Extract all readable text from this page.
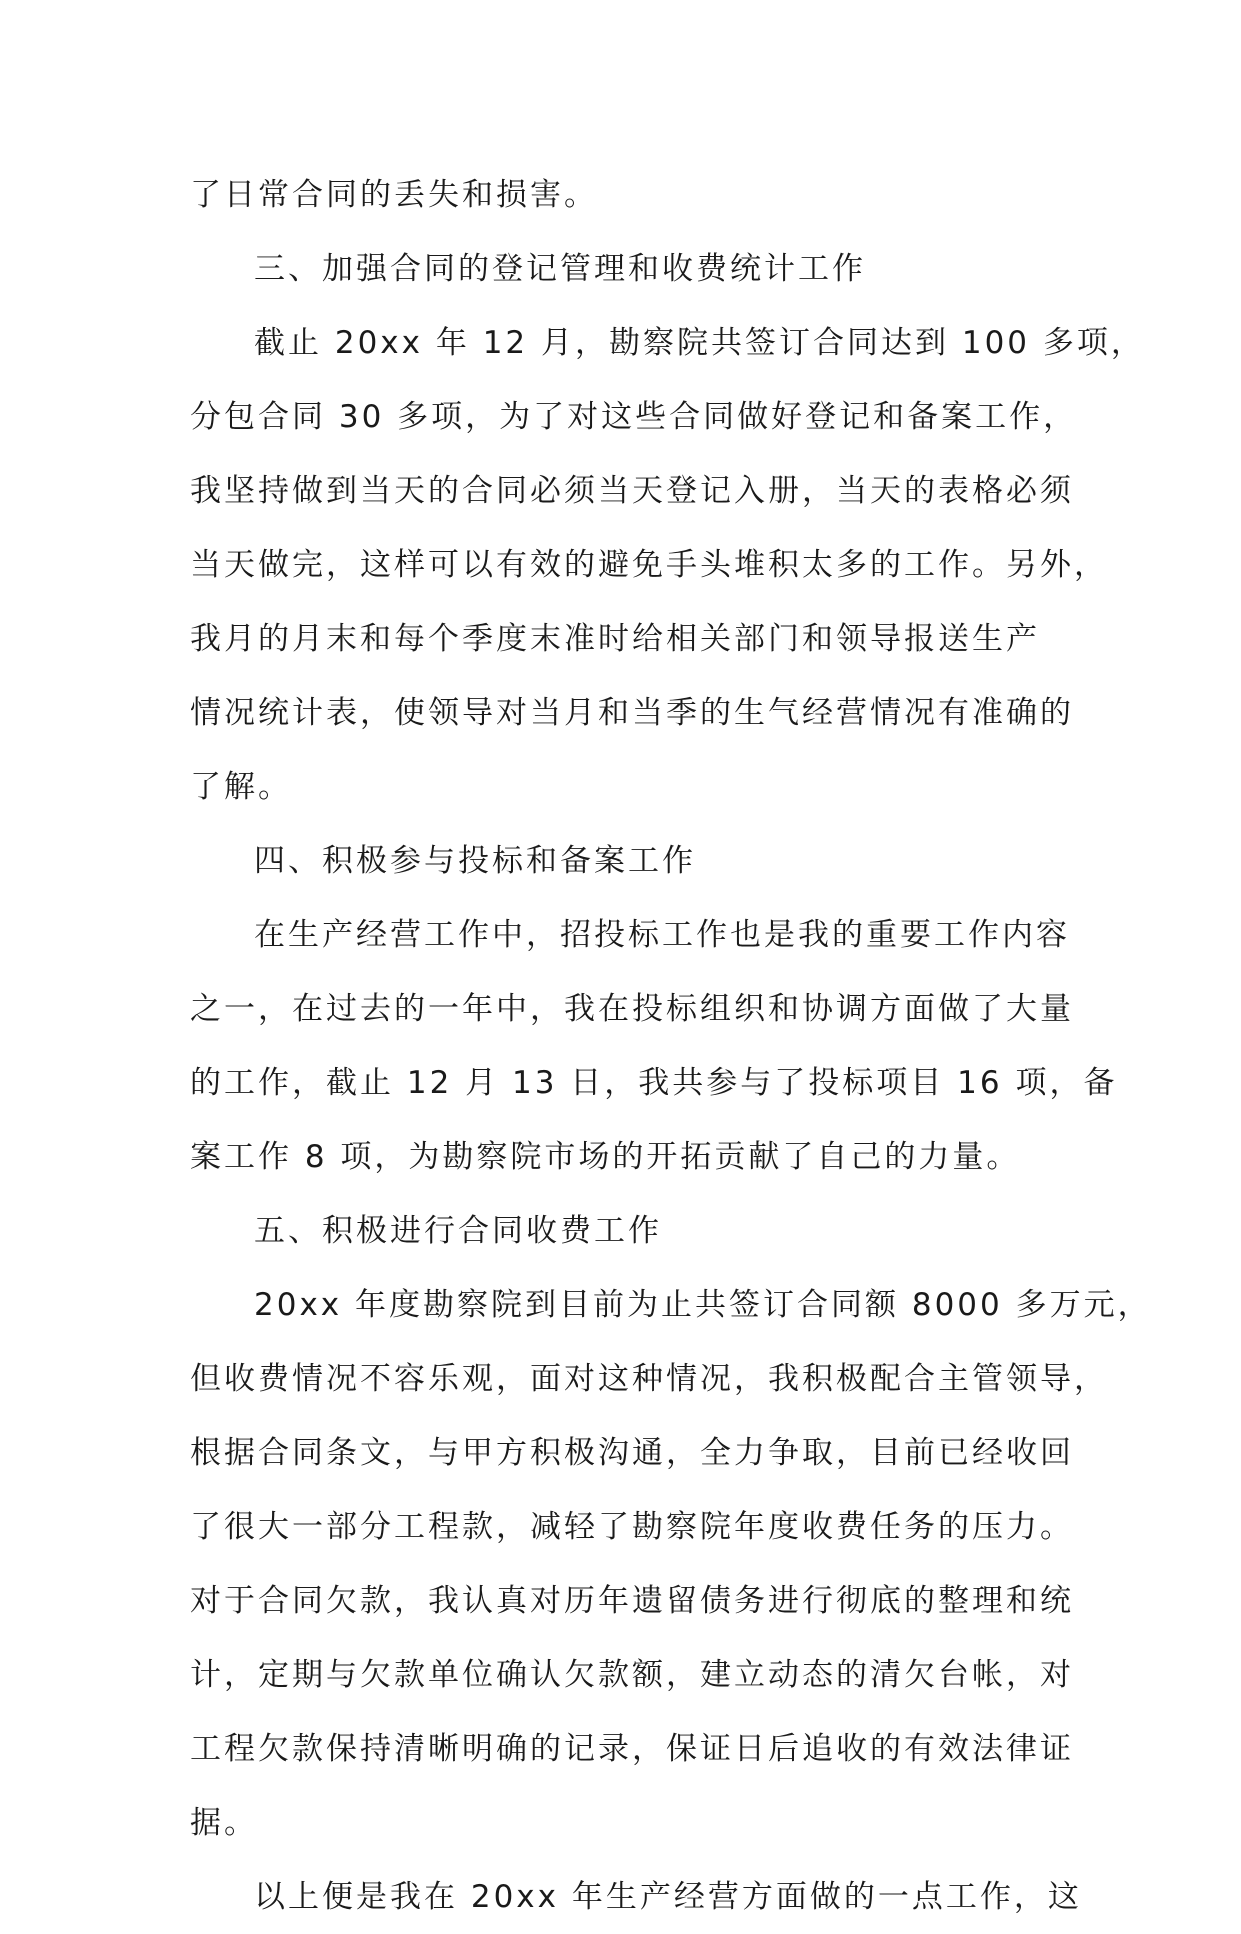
了日常合同的丢失和损害。
三、加强合同的登记管理和收费统计工作
截止 20xx 年 12 月，勘察院共签订合同达到 100 多项，
分包合同 30 多项，为了对这些合同做好登记和备案工作，
我坚持做到当天的合同必须当天登记入册，当天的表格必须
当天做完，这样可以有效的避免手头堆积太多的工作。另外，
我月的月末和每个季度末准时给相关部门和领导报送生产
情况统计表，使领导对当月和当季的生气经营情况有准确的
了解。
四、积极参与投标和备案工作
在生产经营工作中，招投标工作也是我的重要工作内容
之一，在过去的一年中，我在投标组织和协调方面做了大量
的工作，截止 12 月 13 日，我共参与了投标项目 16 项，备
案工作 8 项，为勘察院市场的开拓贡献了自己的力量。
五、积极进行合同收费工作
20xx 年度勘察院到目前为止共签订合同额 8000 多万元，
但收费情况不容乐观，面对这种情况，我积极配合主管领导，
根据合同条文，与甲方积极沟通，全力争取，目前已经收回
了很大一部分工程款，减轻了勘察院年度收费任务的压力。
对于合同欠款，我认真对历年遗留债务进行彻底的整理和统
计，定期与欠款单位确认欠款额，建立动态的清欠台帐，对
工程欠款保持清晰明确的记录，保证日后追收的有效法律证
据。
以上便是我在 20xx 年生产经营方面做的一点工作，这
